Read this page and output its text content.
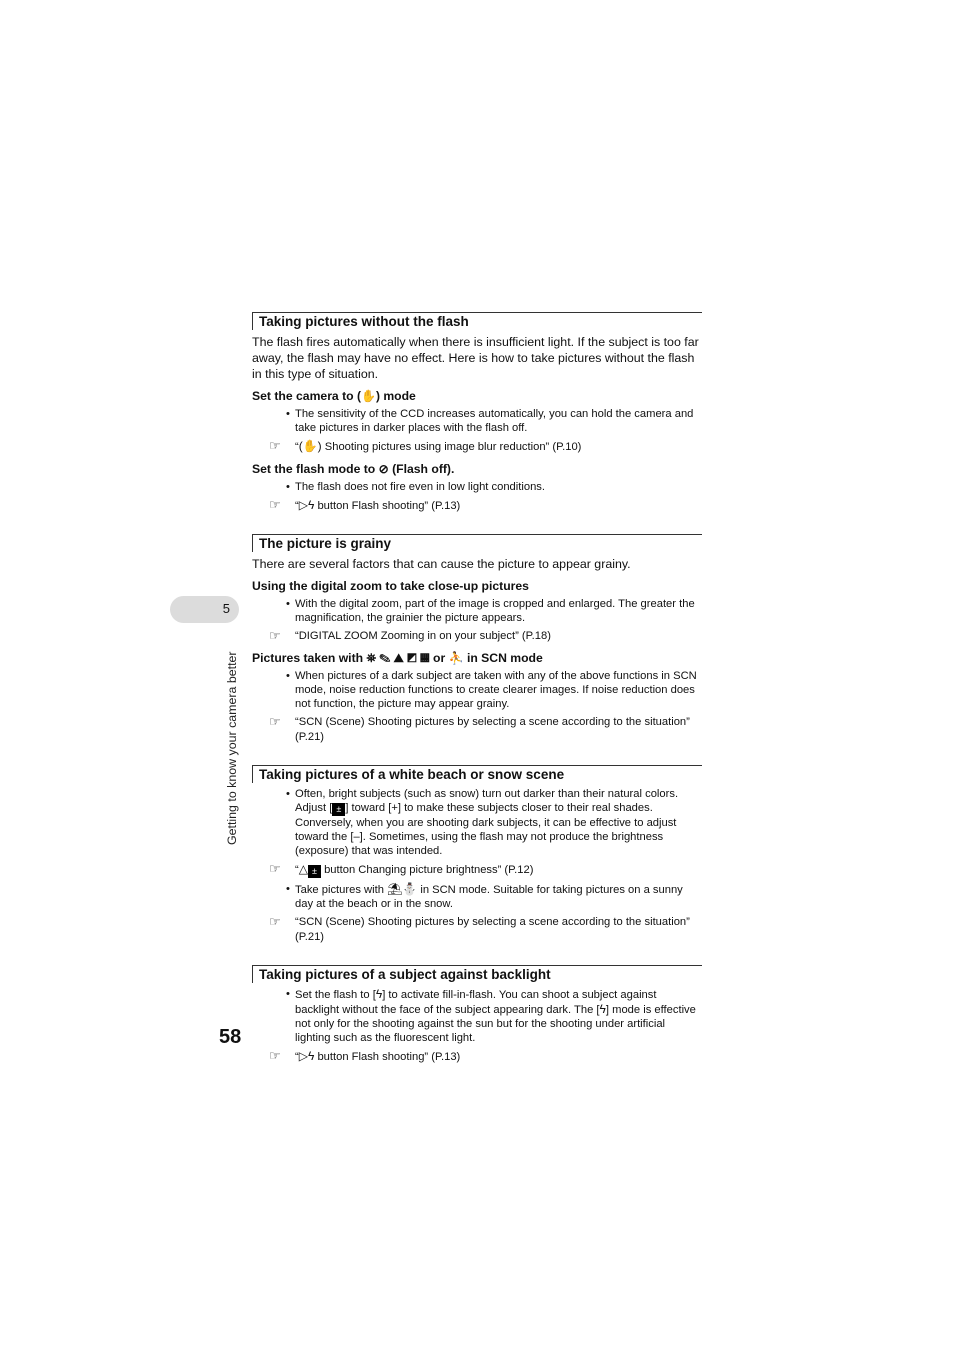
5
Getting to know your camera better
58
Taking pictures without the flash
The flash fires automatically when there is insufficient light. If the subject is too far away, the flash may have no effect. Here is how to take pictures without the flash in this type of situation.
Set the camera to (✋) mode
• The sensitivity of the CCD increases automatically, you can hold the camera and take pictures in darker places with the flash off.
☞ “(✋) Shooting pictures using image blur reduction” (P.10)
Set the flash mode to ⊘ (Flash off).
• The flash does not fire even in low light conditions.
☞ “▷ϟ button Flash shooting” (P.13)
The picture is grainy
There are several factors that can cause the picture to appear grainy.
Using the digital zoom to take close-up pictures
• With the digital zoom, part of the image is cropped and enlarged. The greater the magnification, the grainier the picture appears.
☞ “DIGITAL ZOOM Zooming in on your subject” (P.18)
Pictures taken with ⛯ ✎ ⛰ ◩ ▦ or ⛹ in SCN mode
• When pictures of a dark subject are taken with any of the above functions in SCN mode, noise reduction functions to create clearer images. If noise reduction does not function, the picture may appear grainy.
☞ “SCN (Scene) Shooting pictures by selecting a scene according to the situation” (P.21)
Taking pictures of a white beach or snow scene
• Often, bright subjects (such as snow) turn out darker than their natural colors. Adjust [ ± ] toward [+] to make these subjects closer to their real shades. Conversely, when you are shooting dark subjects, it can be effective to adjust toward the [–]. Sometimes, using the flash may not produce the brightness (exposure) that was intended.
☞ “△ ± button Changing picture brightness” (P.12)
• Take pictures with ⛱⛄ in SCN mode. Suitable for taking pictures on a sunny day at the beach or in the snow.
☞ “SCN (Scene) Shooting pictures by selecting a scene according to the situation” (P.21)
Taking pictures of a subject against backlight
• Set the flash to [ϟ] to activate fill-in-flash. You can shoot a subject against backlight without the face of the subject appearing dark. The [ϟ] mode is effective not only for the shooting against the sun but for the shooting under artificial lighting such as the fluorescent light.
☞ “▷ϟ button Flash shooting” (P.13)
